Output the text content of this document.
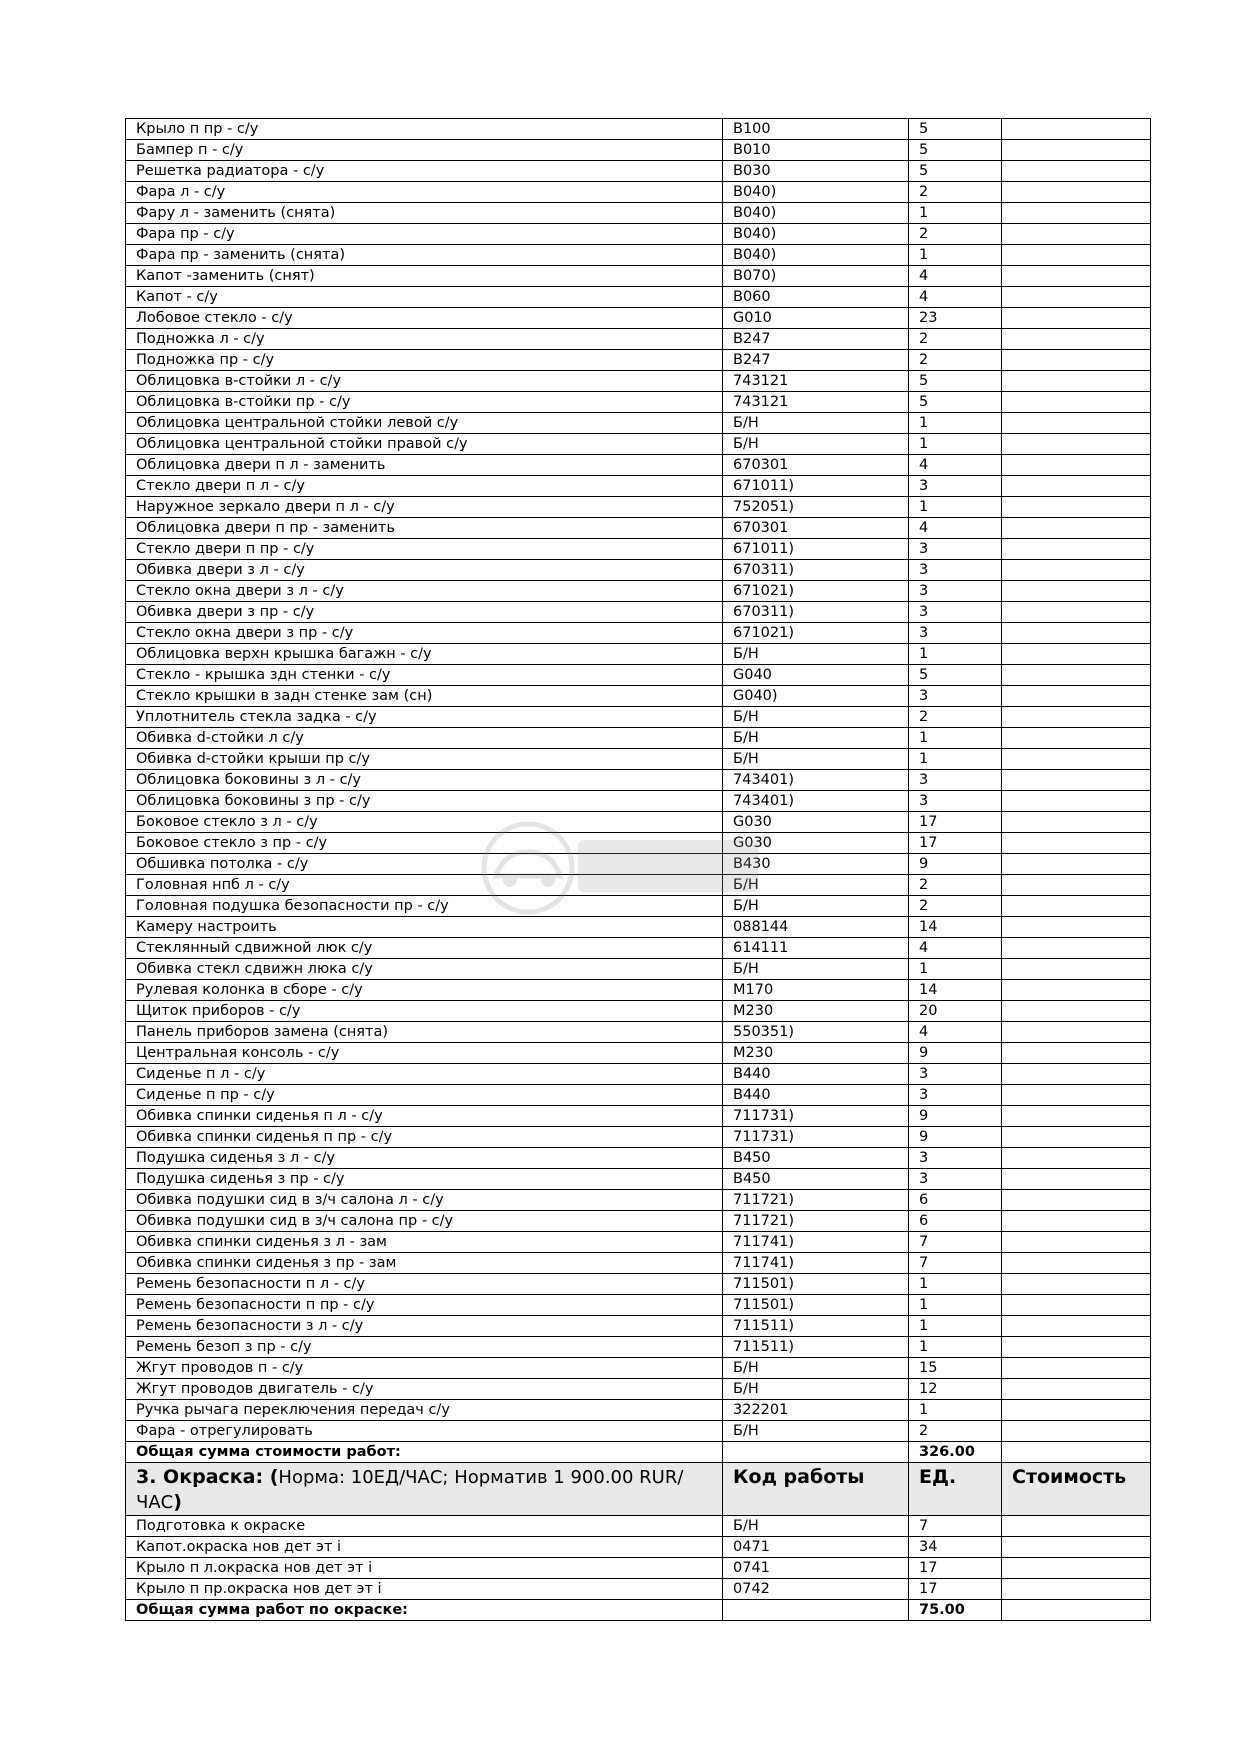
Крыло п пр - с/у	B100	5	
Бампер п - с/у	B010	5	
Решетка радиатора - с/у	B030	5	
Фара л - с/у	B040)	2	
Фару л - заменить (снята)	B040)	1	
Фара пр - с/у	B040)	2	
Фара пр - заменить (снята)	B040)	1	
Капот -заменить (снят)	B070)	4	
Капот - с/у	B060	4	
Лобовое стекло - с/у	G010	23	
Подножка л - с/у	B247	2	
Подножка пр - с/у	B247	2	
Облицовка в-стойки л - с/у	743121	5	
Облицовка в-стойки пр - с/у	743121	5	
Облицовка центральной стойки левой с/у	Б/Н	1	
Облицовка центральной стойки правой с/у	Б/Н	1	
Облицовка двери п л - заменить	670301	4	
Стекло двери п л - с/у	671011)	3	
Наружное зеркало двери п л - с/у	752051)	1	
Облицовка двери п пр - заменить	670301	4	
Стекло двери п пр - с/у	671011)	3	
Обивка двери з л - с/у	670311)	3	
Стекло окна двери з л - с/у	671021)	3	
Обивка двери з пр - с/у	670311)	3	
Стекло окна двери з пр - с/у	671021)	3	
Облицовка верхн крышка багажн - с/у	Б/Н	1	
Стекло - крышка здн стенки - с/у	G040	5	
Стекло крышки в задн стенке зам (сн)	G040)	3	
Уплотнитель стекла задка - с/у	Б/Н	2	
Обивка d-стойки л с/у	Б/Н	1	
Обивка d-стойки крыши пр с/у	Б/Н	1	
Облицовка боковины з л - с/у	743401)	3	
Облицовка боковины з пр - с/у	743401)	3	
Боковое стекло з л - с/у	G030	17	
Боковое стекло з пр - с/у	G030	17	
Обшивка потолка - с/у	B430	9	
Головная нпб л - с/у	Б/Н	2	
Головная подушка безопасности пр - с/у	Б/Н	2	
Камеру настроить	088144	14	
Стеклянный сдвижной люк с/у	614111	4	
Обивка стекл сдвижн люка с/у	Б/Н	1	
Рулевая колонка в сборе - с/у	M170	14	
Щиток приборов - с/у	M230	20	
Панель приборов замена (снята)	550351)	4	
Центральная консоль - с/у	M230	9	
Сиденье п л - с/у	B440	3	
Сиденье п пр - с/у	B440	3	
Обивка спинки сиденья п л - с/у	711731)	9	
Обивка спинки сиденья п пр - с/у	711731)	9	
Подушка сиденья з л - с/у	B450	3	
Подушка сиденья з пр - с/у	B450	3	
Обивка подушки сид в з/ч салона л - с/у	711721)	6	
Обивка подушки сид в з/ч салона пр - с/у	711721)	6	
Обивка спинки сиденья з л - зам	711741)	7	
Обивка спинки сиденья з пр - зам	711741)	7	
Ремень безопасности п л - с/у	711501)	1	
Ремень безопасности п пр - с/у	711501)	1	
Ремень безопасности з л - с/у	711511)	1	
Ремень безоп з пр - с/у	711511)	1	
Жгут проводов п - с/у	Б/Н	15	
Жгут проводов двигатель - с/у	Б/Н	12	
Ручка рычага переключения передач с/у	322201	1	
Фара - отрегулировать	Б/Н	2	
Общая сумма стоимости работ:		326.00	
3. Окраска: (Норма: 10ЕД/ЧАС; Норматив 1 900.00 RUR/ЧАС)	Код работы	ЕД.	Стоимость
Подготовка к окраске	Б/Н	7	
Капот.окраска нов дет эт i	0471	34	
Крыло п л.окраска нов дет эт i	0741	17	
Крыло п пр.окраска нов дет эт i	0742	17	
Общая сумма работ по окраске:		75.00	
